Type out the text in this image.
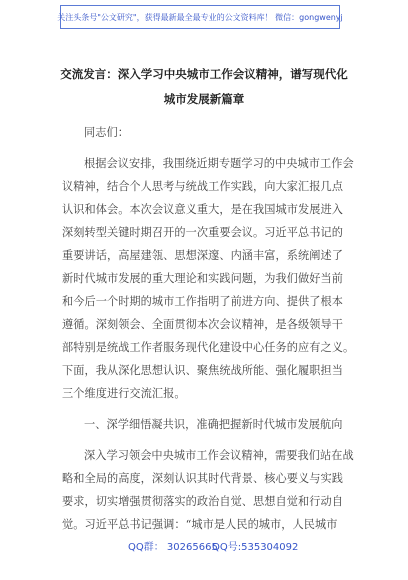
关注头条号"公文研究"，获得最新最全最专业的公文资料库！ 微信：gongwenyj
交流发言：深入学习中央城市工作会议精神，谱写现代化
城市发展新篇章
同志们：
根据会议安排，我围绕近期专题学习的中央城市工作会
议精神，结合个人思考与统战工作实践，向大家汇报几点
认识和体会。本次会议意义重大，是在我国城市发展进入
深刻转型关键时期召开的一次重要会议。习近平总书记的
重要讲话，高屋建瓴、思想深邃、内涵丰富，系统阐述了
新时代城市发展的重大理论和实践问题，为我们做好当前
和今后一个时期的城市工作指明了前进方向、提供了根本
遵循。深刻领会、全面贯彻本次会议精神，是各级领导干
部特别是统战工作者服务现代化建设中心任务的应有之义。
下面，我从深化思想认识、聚焦统战所能、强化履职担当
三个维度进行交流汇报。
一、深学细悟凝共识，准确把握新时代城市发展航向
深入学习领会中央城市工作会议精神，需要我们站在战
略和全局的高度，深刻认识其时代背景、核心要义与实践
要求，切实增强贯彻落实的政治自觉、思想自觉和行动自
觉。习近平总书记强调：“城市是人民的城市，人民城市
QQ群： 30265665
QQ号:535304092
